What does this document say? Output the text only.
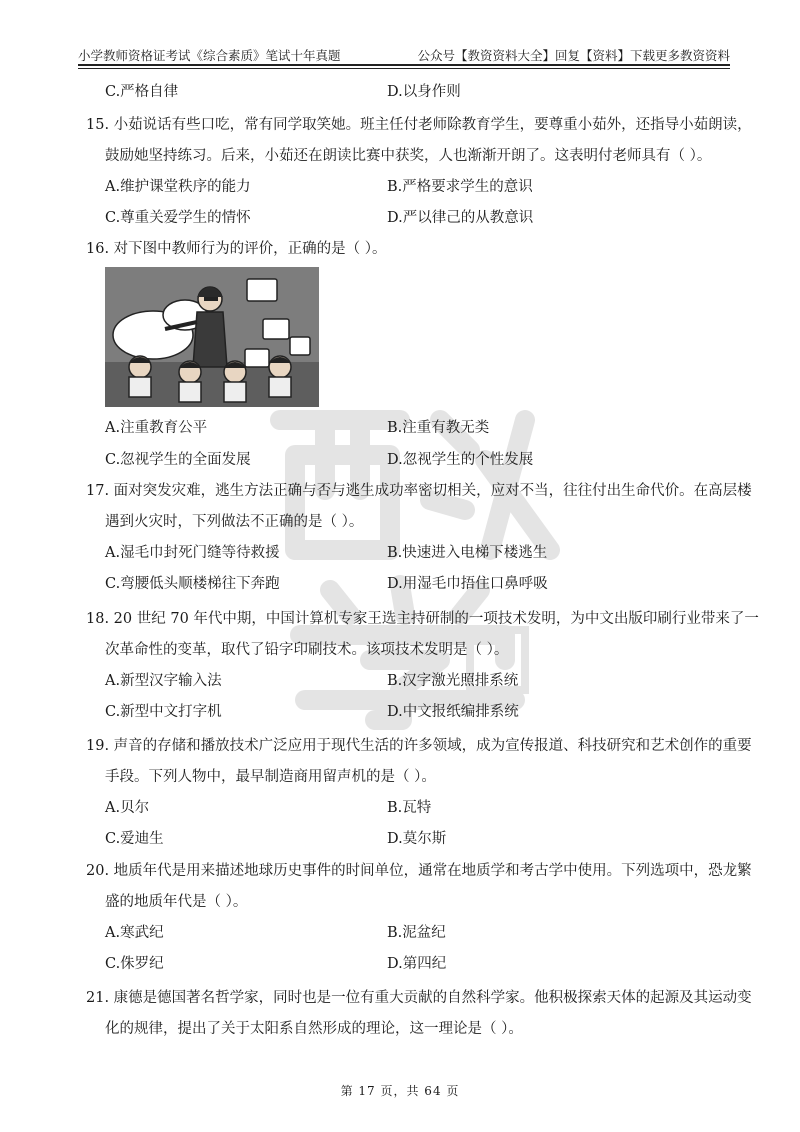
小学教师资格证考试《综合素质》笔试十年真题	公众号【教资资料大全】回复【资料】下载更多教资资料
C.严格自律	D.以身作则
15. 小茹说话有些口吃，常有同学取笑她。班主任付老师除教育学生，要尊重小茹外，还指导小茹朗读，
鼓励她坚持练习。后来，小茹还在朗读比赛中获奖，人也渐渐开朗了。这表明付老师具有（ ）。
A.维护课堂秩序的能力	B.严格要求学生的意识
C.尊重关爱学生的情怀	D.严以律己的从教意识
16. 对下图中教师行为的评价，正确的是（ ）。
A.注重教育公平	B.注重有教无类
C.忽视学生的全面发展	D.忽视学生的个性发展
17. 面对突发灾难，逃生方法正确与否与逃生成功率密切相关，应对不当，往往付出生命代价。在高层楼
遇到火灾时，下列做法不正确的是（ ）。
A.湿毛巾封死门缝等待救援	B.快速进入电梯下楼逃生
C.弯腰低头顺楼梯往下奔跑	D.用湿毛巾捂住口鼻呼吸
18. 20 世纪 70 年代中期，中国计算机专家王选主持研制的一项技术发明，为中文出版印刷行业带来了一
次革命性的变革，取代了铅字印刷技术。该项技术发明是（ ）。
A.新型汉字输入法	B.汉字激光照排系统
C.新型中文打字机	D.中文报纸编排系统
19. 声音的存储和播放技术广泛应用于现代生活的许多领域，成为宣传报道、科技研究和艺术创作的重要
手段。下列人物中，最早制造商用留声机的是（ ）。
A.贝尔	B.瓦特
C.爱迪生	D.莫尔斯
20. 地质年代是用来描述地球历史事件的时间单位，通常在地质学和考古学中使用。下列选项中，恐龙繁
盛的地质年代是（ ）。
A.寒武纪	B.泥盆纪
C.侏罗纪	D.第四纪
21. 康德是德国著名哲学家，同时也是一位有重大贡献的自然科学家。他积极探索天体的起源及其运动变
化的规律，提出了关于太阳系自然形成的理论，这一理论是（ ）。
第 17 页，共 64 页
